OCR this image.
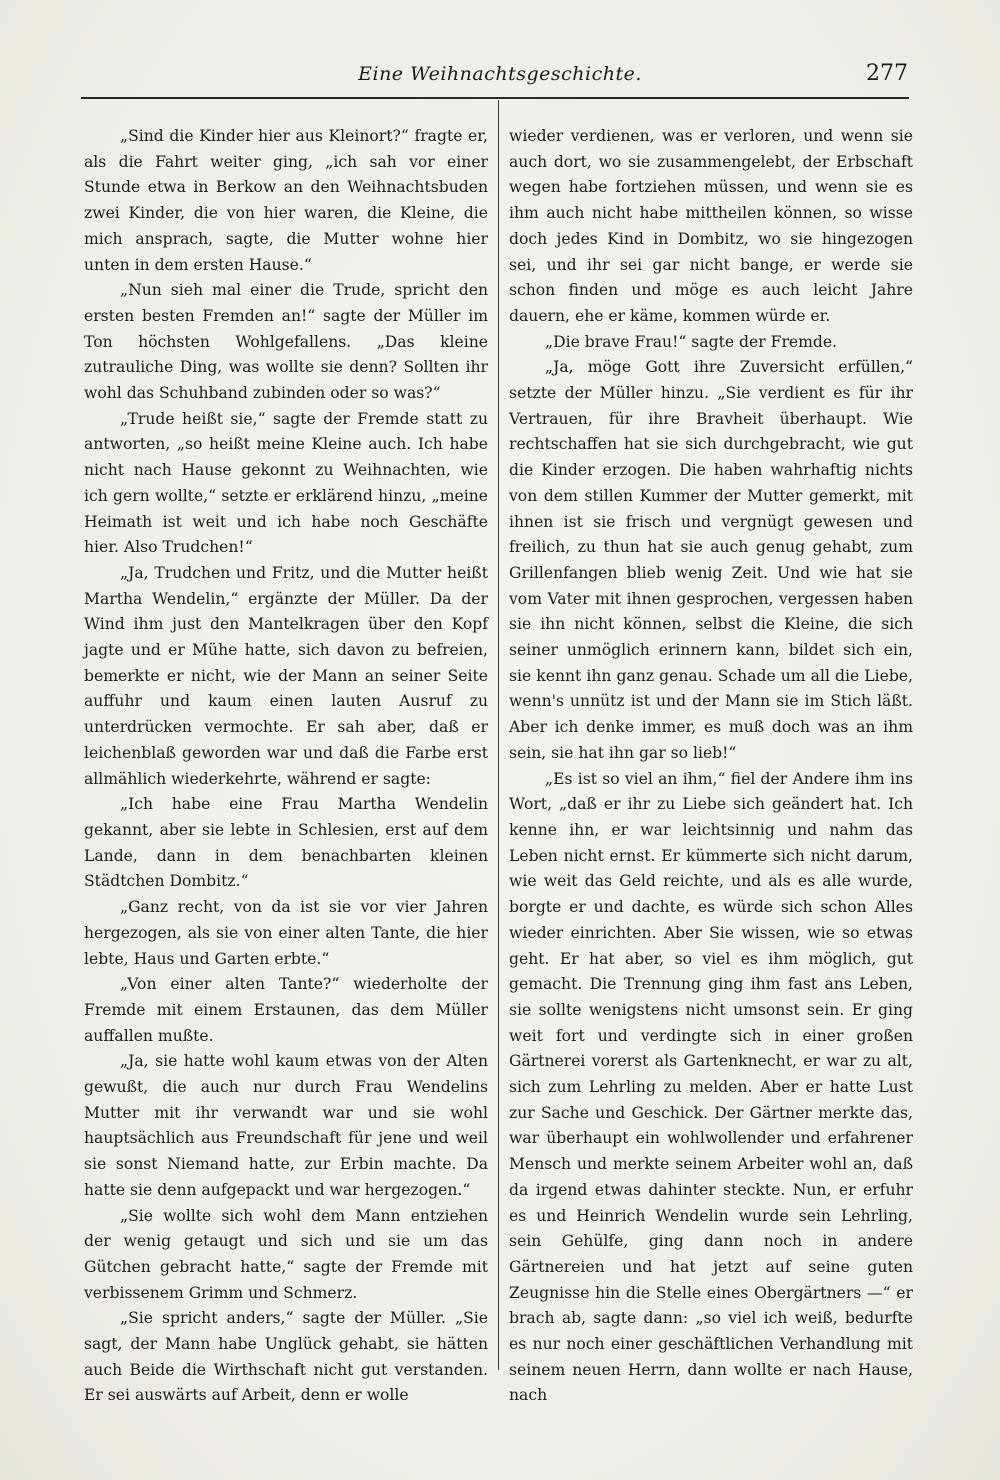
Eine Weihnachtsgeschichte.	277

„Sind die Kinder hier aus Kleinort?“ fragte er, als die Fahrt weiter ging, „ich sah vor einer Stunde etwa in Berkow an den Weihnachtsbuden zwei Kinder, die von hier waren, die Kleine, die mich ansprach, sagte, die Mutter wohne hier unten in dem ersten Hause.“

„Nun sieh mal einer die Trude, spricht den ersten besten Fremden an!“ sagte der Müller im Ton höchsten Wohlgefallens. „Das kleine zutrauliche Ding, was wollte sie denn? Sollten ihr wohl das Schuhband zubinden oder so was?“

„Trude heißt sie,“ sagte der Fremde statt zu antworten, „so heißt meine Kleine auch. Ich habe nicht nach Hause gekonnt zu Weihnachten, wie ich gern wollte,“ setzte er erklärend hinzu, „meine Heimath ist weit und ich habe noch Geschäfte hier. Also Trudchen!“

„Ja, Trudchen und Fritz, und die Mutter heißt Martha Wendelin,“ ergänzte der Müller. Da der Wind ihm just den Mantelkragen über den Kopf jagte und er Mühe hatte, sich davon zu befreien, bemerkte er nicht, wie der Mann an seiner Seite auffuhr und kaum einen lauten Ausruf zu unterdrücken vermochte. Er sah aber, daß er leichenblaß geworden war und daß die Farbe erst allmählich wiederkehrte, während er sagte:

„Ich habe eine Frau Martha Wendelin gekannt, aber sie lebte in Schlesien, erst auf dem Lande, dann in dem benachbarten kleinen Städtchen Dombitz.“

„Ganz recht, von da ist sie vor vier Jahren hergezogen, als sie von einer alten Tante, die hier lebte, Haus und Garten erbte.“

„Von einer alten Tante?“ wiederholte der Fremde mit einem Erstaunen, das dem Müller auffallen mußte.

„Ja, sie hatte wohl kaum etwas von der Alten gewußt, die auch nur durch Frau Wendelins Mutter mit ihr verwandt war und sie wohl hauptsächlich aus Freundschaft für jene und weil sie sonst Niemand hatte, zur Erbin machte. Da hatte sie denn aufgepackt und war hergezogen.“

„Sie wollte sich wohl dem Mann entziehen der wenig getaugt und sich und sie um das Gütchen gebracht hatte,“ sagte der Fremde mit verbissenem Grimm und Schmerz.

„Sie spricht anders,“ sagte der Müller. „Sie sagt, der Mann habe Unglück gehabt, sie hätten auch Beide die Wirthschaft nicht gut verstanden. Er sei auswärts auf Arbeit, denn er wolle

wieder verdienen, was er verloren, und wenn sie auch dort, wo sie zusammengelebt, der Erbschaft wegen habe fortziehen müssen, und wenn sie es ihm auch nicht habe mittheilen können, so wisse doch jedes Kind in Dombitz, wo sie hingezogen sei, und ihr sei gar nicht bange, er werde sie schon finden und möge es auch leicht Jahre dauern, ehe er käme, kommen würde er.

„Die brave Frau!“ sagte der Fremde.

„Ja, möge Gott ihre Zuversicht erfüllen,“ setzte der Müller hinzu. „Sie verdient es für ihr Vertrauen, für ihre Bravheit überhaupt. Wie rechtschaffen hat sie sich durchgebracht, wie gut die Kinder erzogen. Die haben wahrhaftig nichts von dem stillen Kummer der Mutter gemerkt, mit ihnen ist sie frisch und vergnügt gewesen und freilich, zu thun hat sie auch genug gehabt, zum Grillenfangen blieb wenig Zeit. Und wie hat sie vom Vater mit ihnen gesprochen, vergessen haben sie ihn nicht können, selbst die Kleine, die sich seiner unmöglich erinnern kann, bildet sich ein, sie kennt ihn ganz genau. Schade um all die Liebe, wenn's unnütz ist und der Mann sie im Stich läßt. Aber ich denke immer, es muß doch was an ihm sein, sie hat ihn gar so lieb!“

„Es ist so viel an ihm,“ fiel der Andere ihm ins Wort, „daß er ihr zu Liebe sich geändert hat. Ich kenne ihn, er war leichtsinnig und nahm das Leben nicht ernst. Er kümmerte sich nicht darum, wie weit das Geld reichte, und als es alle wurde, borgte er und dachte, es würde sich schon Alles wieder einrichten. Aber Sie wissen, wie so etwas geht. Er hat aber, so viel es ihm möglich, gut gemacht. Die Trennung ging ihm fast ans Leben, sie sollte wenigstens nicht umsonst sein. Er ging weit fort und verdingte sich in einer großen Gärtnerei vorerst als Gartenknecht, er war zu alt, sich zum Lehrling zu melden. Aber er hatte Lust zur Sache und Geschick. Der Gärtner merkte das, war überhaupt ein wohlwollender und erfahrener Mensch und merkte seinem Arbeiter wohl an, daß da irgend etwas dahinter steckte. Nun, er erfuhr es und Heinrich Wendelin wurde sein Lehrling, sein Gehülfe, ging dann noch in andere Gärtnereien und hat jetzt auf seine guten Zeugnisse hin die Stelle eines Obergärtners —“ er brach ab, sagte dann: „so viel ich weiß, bedurfte es nur noch einer geschäftlichen Verhandlung mit seinem neuen Herrn, dann wollte er nach Hause, nach
